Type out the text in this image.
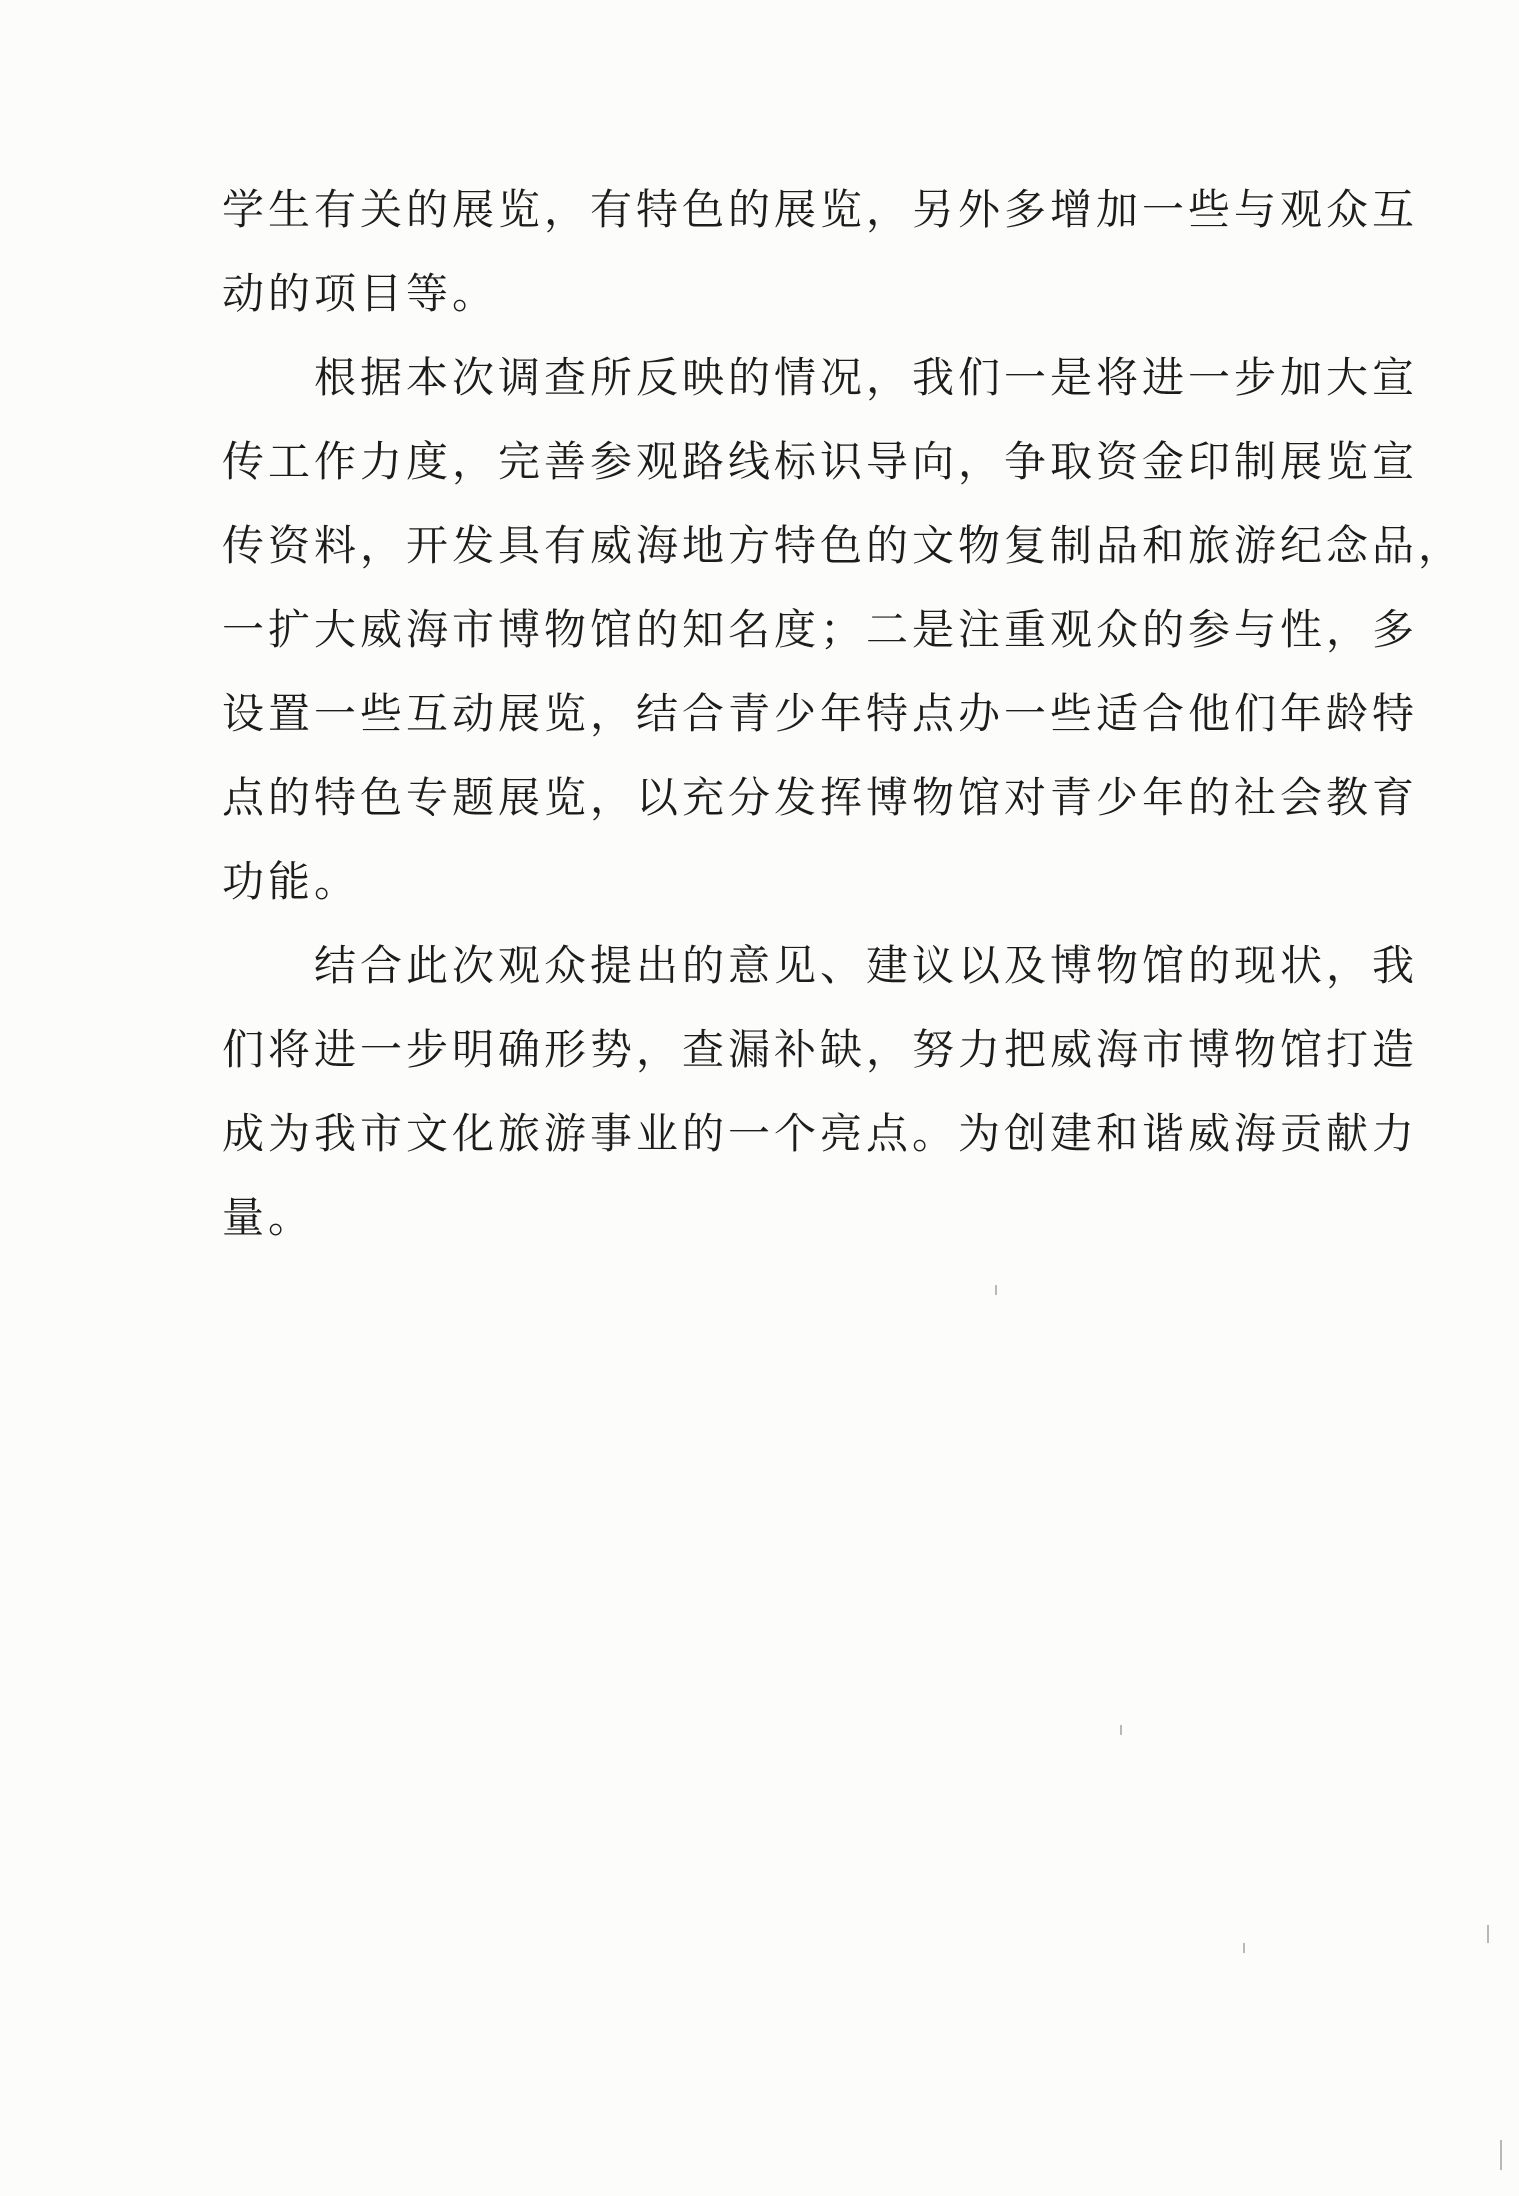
学生有关的展览，有特色的展览，另外多增加一些与观众互
动的项目等。
　　根据本次调查所反映的情况，我们一是将进一步加大宣
传工作力度，完善参观路线标识导向，争取资金印制展览宣
传资料，开发具有威海地方特色的文物复制品和旅游纪念品，
一扩大威海市博物馆的知名度；二是注重观众的参与性，多
设置一些互动展览，结合青少年特点办一些适合他们年龄特
点的特色专题展览，以充分发挥博物馆对青少年的社会教育
功能。
　　结合此次观众提出的意见、建议以及博物馆的现状，我
们将进一步明确形势，查漏补缺，努力把威海市博物馆打造
成为我市文化旅游事业的一个亮点。为创建和谐威海贡献力
量。
